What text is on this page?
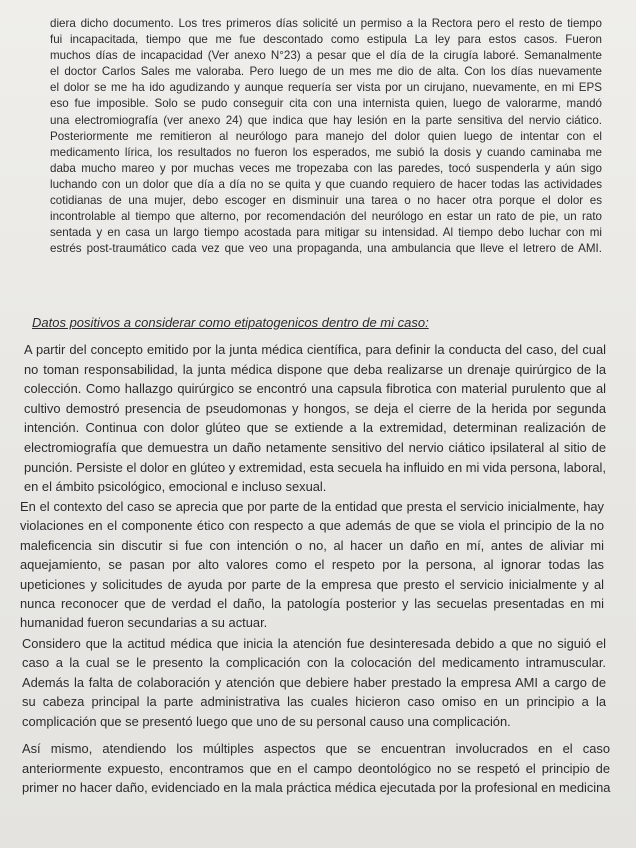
diera dicho documento. Los tres primeros días solicité un permiso a la Rectora pero el resto de tiempo
fui incapacitada, tiempo que me fue descontado como estipula La ley para estos casos. Fueron
muchos días de incapacidad (Ver anexo N°23) a pesar que el día de la cirugía laboré. Semanalmente
el doctor Carlos Sales me valoraba. Pero luego de un mes me dio de alta. Con los días nuevamente
el dolor se me ha ido agudizando y aunque requería ser vista por un cirujano, nuevamente, en mi EPS
eso fue imposible. Solo se pudo conseguir cita con una internista quien, luego de valorarme, mandó
una electromiografía (ver anexo 24) que indica que hay lesión en la parte sensitiva del nervio ciático.
Posteriormente me remitieron al neurólogo para manejo del dolor quien luego de intentar con el
medicamento lírica, los resultados no fueron los esperados, me subió la dosis y cuando caminaba me
daba mucho mareo y por muchas veces me tropezaba con las paredes, tocó suspenderla y aún sigo
luchando con un dolor que día a día no se quita y que cuando requiero de hacer todas las actividades
cotidianas de una mujer, debo escoger en disminuir una tarea o no hacer otra porque el dolor es
incontrolable al tiempo que alterno, por recomendación del neurólogo en estar un rato de pie, un rato
sentada y en casa un largo tiempo acostada para mitigar su intensidad. Al tiempo debo luchar con mi
estrés post-traumático cada vez que veo una propaganda, una ambulancia que lleve el letrero de AMI.
Datos positivos a considerar como etipatogenicos dentro de mi caso:
A partir del concepto emitido por la junta médica científica, para definir la conducta del caso, del cual
no toman responsabilidad, la junta médica dispone que deba realizarse un drenaje quirúrgico de la
colección. Como hallazgo quirúrgico se encontró una capsula fibrotica con material purulento que al
cultivo demostró presencia de pseudomonas y hongos, se deja el cierre de la herida por segunda
intención. Continua con dolor glúteo que se extiende a la extremidad, determinan realización de
electromiografía que demuestra un daño netamente sensitivo del nervio ciático ipsilateral al sitio de
punción. Persiste el dolor en glúteo y extremidad, esta secuela ha influido en mi vida persona, laboral,
en el ámbito psicológico, emocional e incluso sexual.
En el contexto del caso se aprecia que por parte de la entidad que presta el servicio inicialmente, hay
violaciones en el componente ético con respecto a que además de que se viola el principio de la no
maleficencia sin discutir si fue con intención o no, al hacer un daño en mí, antes de aliviar mi
aquejamiento, se pasan por alto valores como el respeto por la persona, al ignorar todas las
upeticiones y solicitudes de ayuda por parte de la empresa que presto el servicio inicialmente y al
nunca reconocer que de verdad el daño, la patología posterior y las secuelas presentadas en mi
humanidad fueron secundarias a su actuar.
Considero que la actitud médica que inicia la atención fue desinteresada debido a que no siguió el
caso a la cual se le presento la complicación con la colocación del medicamento intramuscular.
Además la falta de colaboración y atención que debiere haber prestado la empresa AMI a cargo de
su cabeza principal la parte administrativa las cuales hicieron caso omiso en un principio a la
complicación que se presentó luego que uno de su personal causo una complicación.
Así mismo, atendiendo los múltiples aspectos que se encuentran involucrados en el caso
anteriormente expuesto, encontramos que en el campo deontológico no se respetó el principio de
primer no hacer daño, evidenciado en la mala práctica médica ejecutada por la profesional en medicina
